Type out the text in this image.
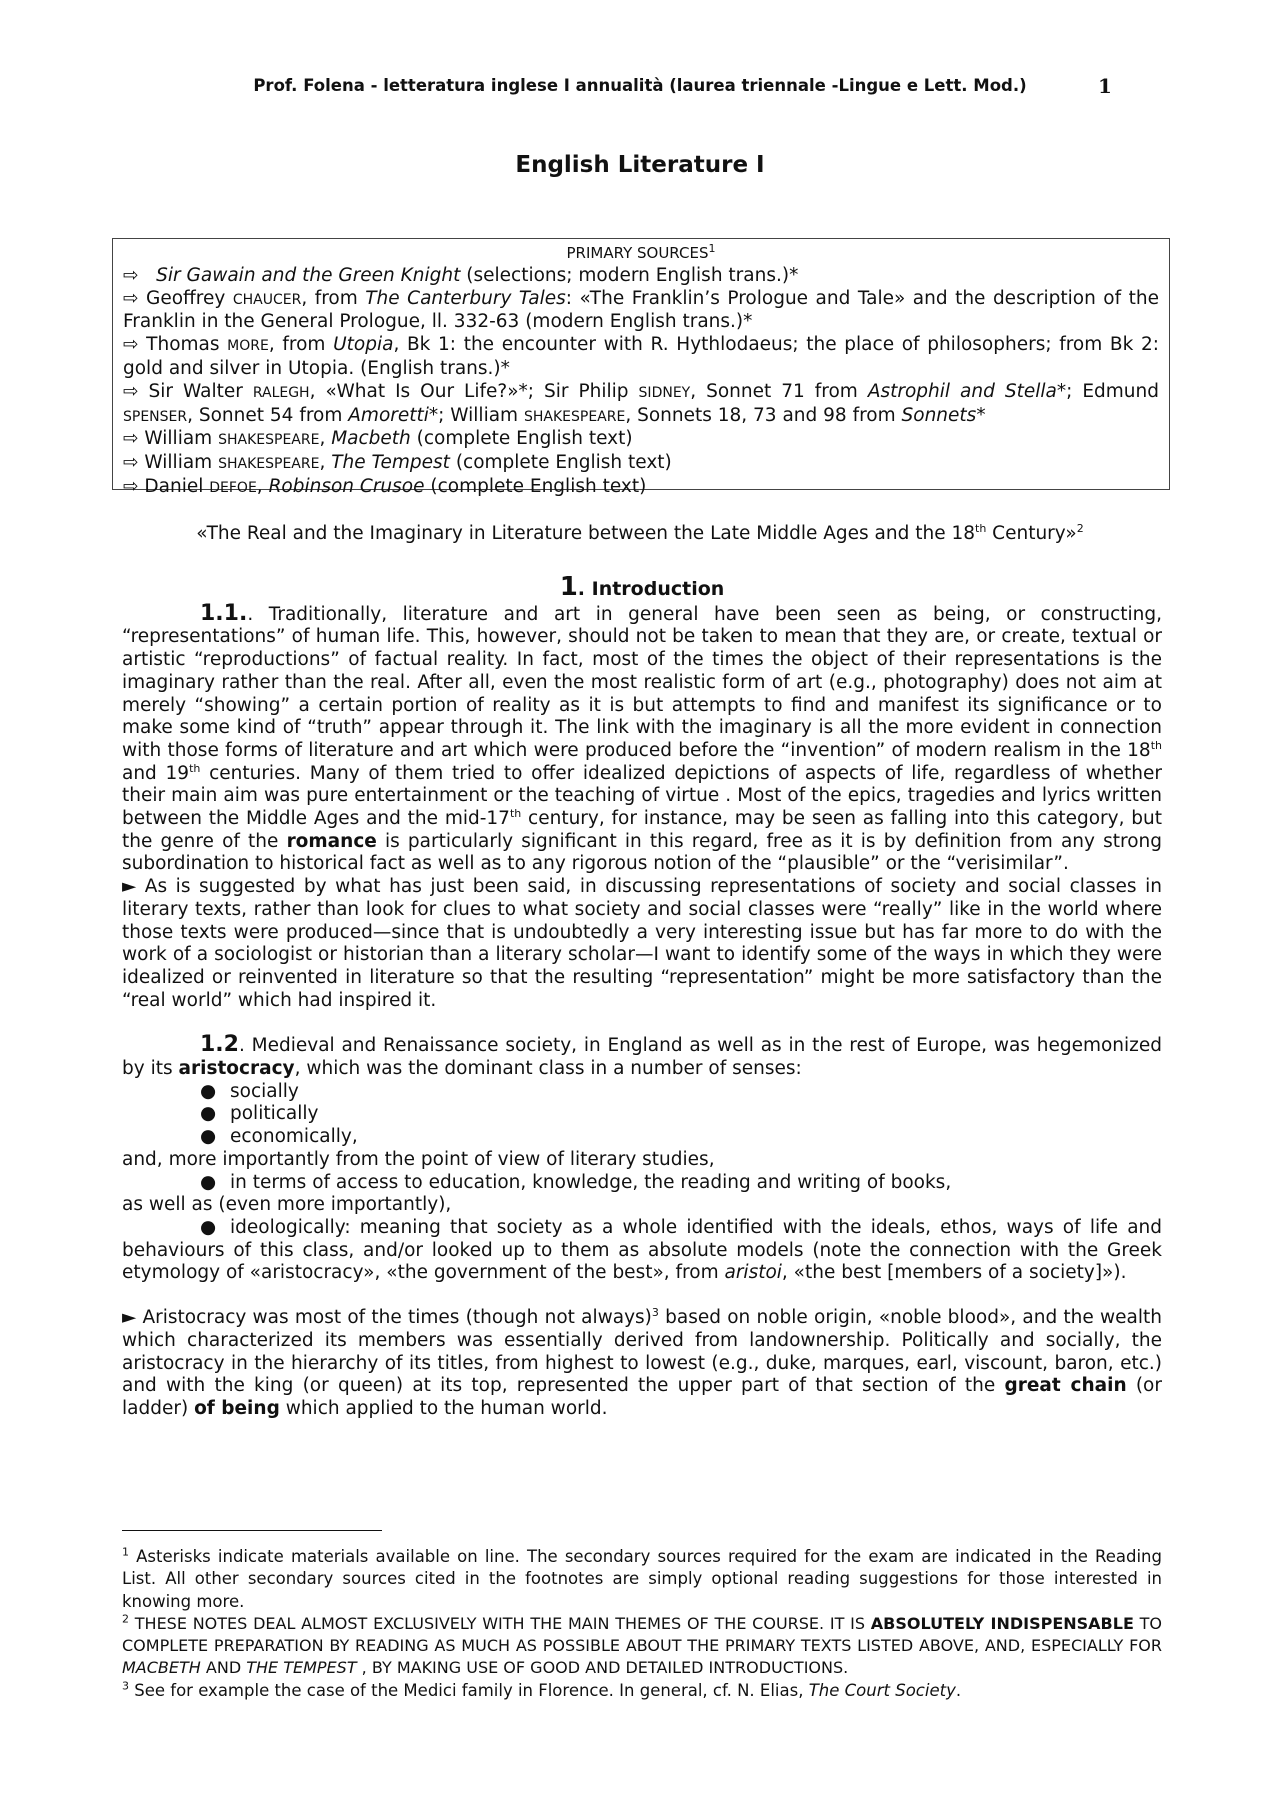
Prof. Folena - letteratura inglese I annualità (laurea triennale -Lingue e Lett. Mod.)	1
English Literature I
PRIMARY SOURCES$^1$
⇨ Sir Gawain and the Green Knight (selections; modern English trans.)*
⇨ Geoffrey CHAUCER, from The Canterbury Tales: «The Franklin’s Prologue and Tale» and the description of the Franklin in the General Prologue, ll. 332-63 (modern English trans.)*
⇨ Thomas MORE, from Utopia, Bk 1: the encounter with R. Hythlodaeus; the place of philosophers; from Bk 2: gold and silver in Utopia. (English trans.)*
⇨ Sir Walter RALEGH, «What Is Our Life?»*; Sir Philip SIDNEY, Sonnet 71 from Astrophil and Stella*; Edmund SPENSER, Sonnet 54 from Amoretti*; William SHAKESPEARE, Sonnets 18, 73 and 98 from Sonnets*
⇨ William SHAKESPEARE, Macbeth (complete English text)
⇨ William SHAKESPEARE, The Tempest (complete English text)
⇨ Daniel DEFOE, Robinson Crusoe (complete English text)
«The Real and the Imaginary in Literature between the Late Middle Ages and the 18th Century»$^2$
1. Introduction

1.1.. Traditionally, literature and art in general have been seen as being, or constructing, “representations” of human life. This, however, should not be taken to mean that they are, or create, textual or artistic “reproductions” of factual reality. In fact, most of the times the object of their representations is the imaginary rather than the real. After all, even the most realistic form of art (e.g., photography) does not aim at merely “showing” a certain portion of reality as it is but attempts to find and manifest its significance or to make some kind of “truth” appear through it. The link with the imaginary is all the more evident in connection with those forms of literature and art which were produced before the “invention” of modern realism in the 18th and 19th centuries. Many of them tried to offer idealized depictions of aspects of life, regardless of whether their main aim was pure entertainment or the teaching of virtue . Most of the epics, tragedies and lyrics written between the Middle Ages and the mid-17th century, for instance, may be seen as falling into this category, but the genre of the romance is particularly significant in this regard, free as it is by definition from any strong subordination to historical fact as well as to any rigorous notion of the “plausible” or the “verisimilar”.

► As is suggested by what has just been said, in discussing representations of society and social classes in literary texts, rather than look for clues to what society and social classes were “really” like in the world where those texts were produced—since that is undoubtedly a very interesting issue but has far more to do with the work of a sociologist or historian than a literary scholar—I want to identify some of the ways in which they were idealized or reinvented in literature so that the resulting “representation” might be more satisfactory than the “real world” which had inspired it.

1.2. Medieval and Renaissance society, in England as well as in the rest of Europe, was hegemonized by its aristocracy, which was the dominant class in a number of senses:

● socially
● politically
● economically,

and, more importantly from the point of view of literary studies,

● in terms of access to education, knowledge, the reading and writing of books,

as well as (even more importantly),

● ideologically: meaning that society as a whole identified with the ideals, ethos, ways of life and behaviours of this class, and/or looked up to them as absolute models (note the connection with the Greek etymology of «aristocracy», «the government of the best», from aristoi, «the best [members of a society]»).

► Aristocracy was most of the times (though not always)$^3$ based on noble origin, «noble blood», and the wealth which characterized its members was essentially derived from landownership. Politically and socially, the aristocracy in the hierarchy of its titles, from highest to lowest (e.g., duke, marques, earl, viscount, baron, etc.) and with the king (or queen) at its top, represented the upper part of that section of the great chain (or ladder) of being which applied to the human world.

$^1$ Asterisks indicate materials available on line. The secondary sources required for the exam are indicated in the Reading List. All other secondary sources cited in the footnotes are simply optional reading suggestions for those interested in knowing more.

$^2$ THESE NOTES DEAL ALMOST EXCLUSIVELY WITH THE MAIN THEMES OF THE COURSE. IT IS ABSOLUTELY INDISPENSABLE TO COMPLETE PREPARATION BY READING AS MUCH AS POSSIBLE ABOUT THE PRIMARY TEXTS LISTED ABOVE, AND, ESPECIALLY FOR MACBETH AND THE TEMPEST , BY MAKING USE OF GOOD AND DETAILED INTRODUCTIONS.

$^3$ See for example the case of the Medici family in Florence. In general, cf. N. Elias, The Court Society.
